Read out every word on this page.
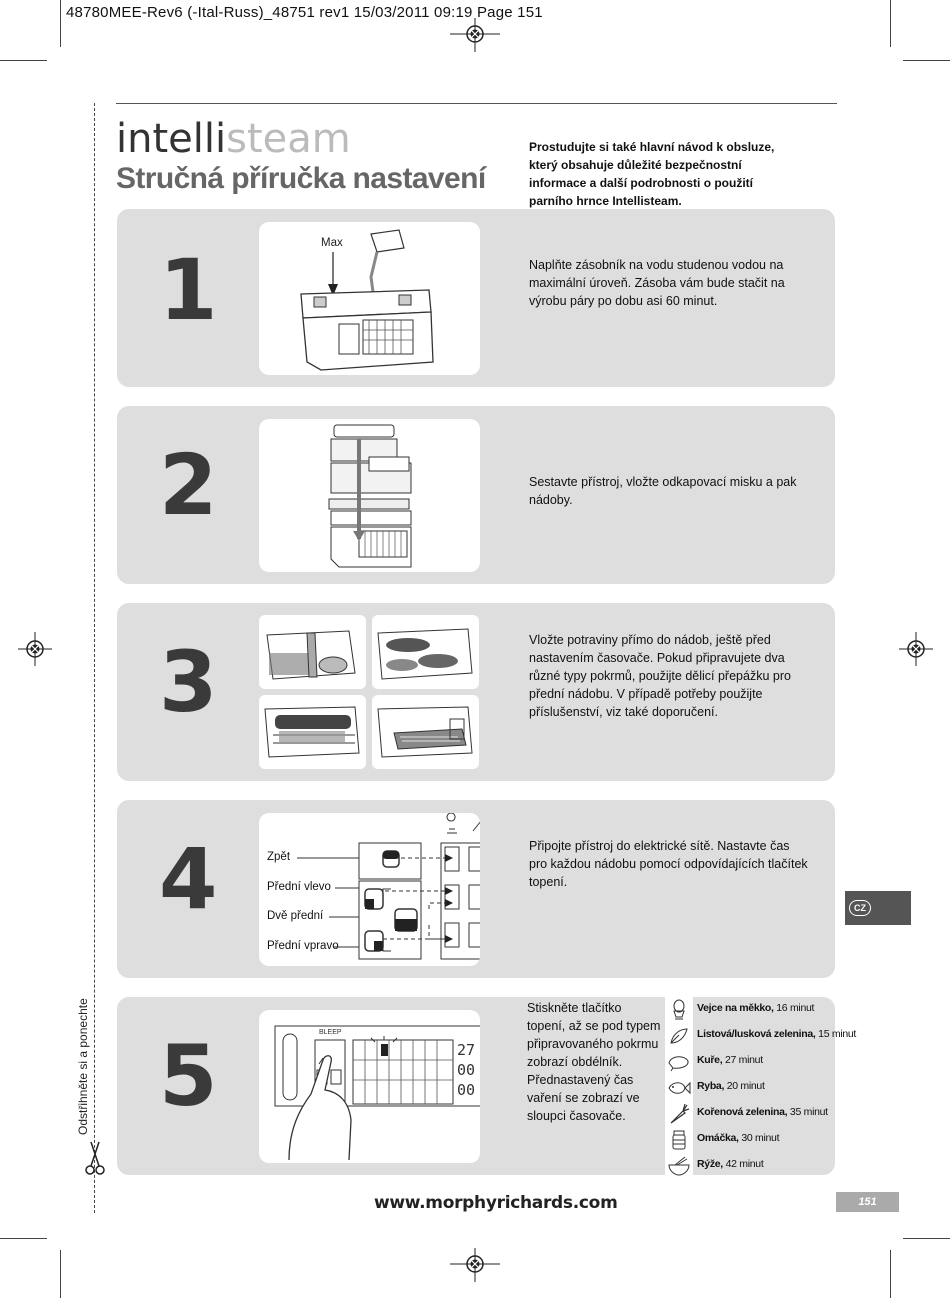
48780MEE-Rev6 (-Ital-Russ)_48751 rev1 15/03/2011 09:19 Page 151
intellisteam
Stručná příručka nastavení
Prostudujte si také hlavní návod k obsluze, který obsahuje důležité bezpečnostní informace a další podrobnosti o použití parního hrnce Intellisteam.
1	Max
Naplňte zásobník na vodu studenou vodou na maximální úroveň. Zásoba vám bude stačit na výrobu páry po dobu asi 60 minut.
2	Sestavte přístroj, vložte odkapovací misku a pak nádoby.
3	Vložte potraviny přímo do nádob, ještě před nastavením časovače. Pokud připravujete dva různé typy pokrmů, použijte dělicí přepážku pro přední nádobu. V případě potřeby použijte příslušenství, viz také doporučení.
4	Zpět
Přední vlevo
Dvě přední
Přední vpravo
Připojte přístroj do elektrické sítě. Nastavte čas pro každou nádobu pomocí odpovídajících tlačítek topení.
5	BLEEP
27
00
00
Stiskněte tlačítko topení, až se pod typem připravovaného pokrmu zobrazí obdélník. Přednastavený čas vaření se zobrazí ve sloupci časovače.
Vejce na měkko, 16 minut
Listová/lusková zelenina, 15 minut
Kuře, 27 minut
Ryba, 20 minut
Kořenová zelenina, 35 minut
Omáčka, 30 minut
Rýže, 42 minut
CZ
Odstřihněte si a ponechte
www.morphyrichards.com	151
